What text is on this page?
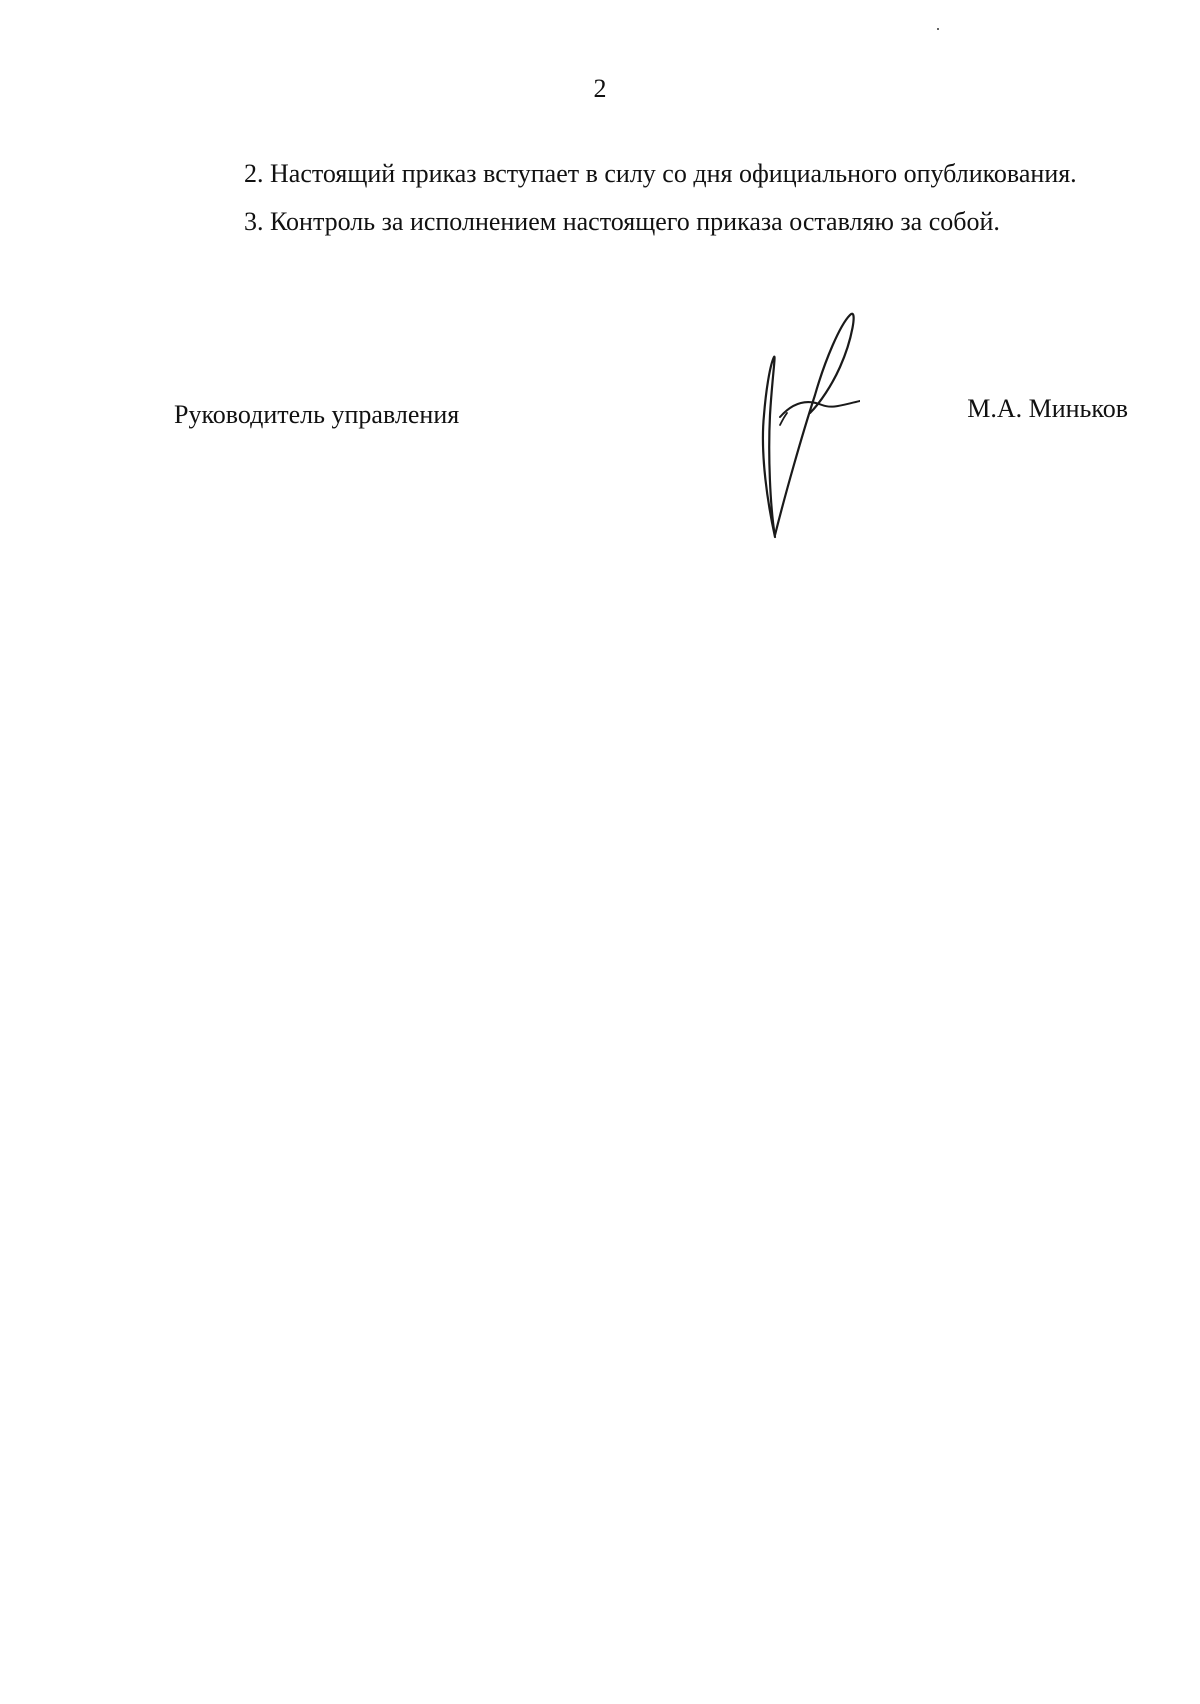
2

2. Настоящий приказ вступает в силу со дня официального опубликования.

3. Контроль за исполнением настоящего приказа оставляю за собой.

Руководитель управления	М.А. Миньков
